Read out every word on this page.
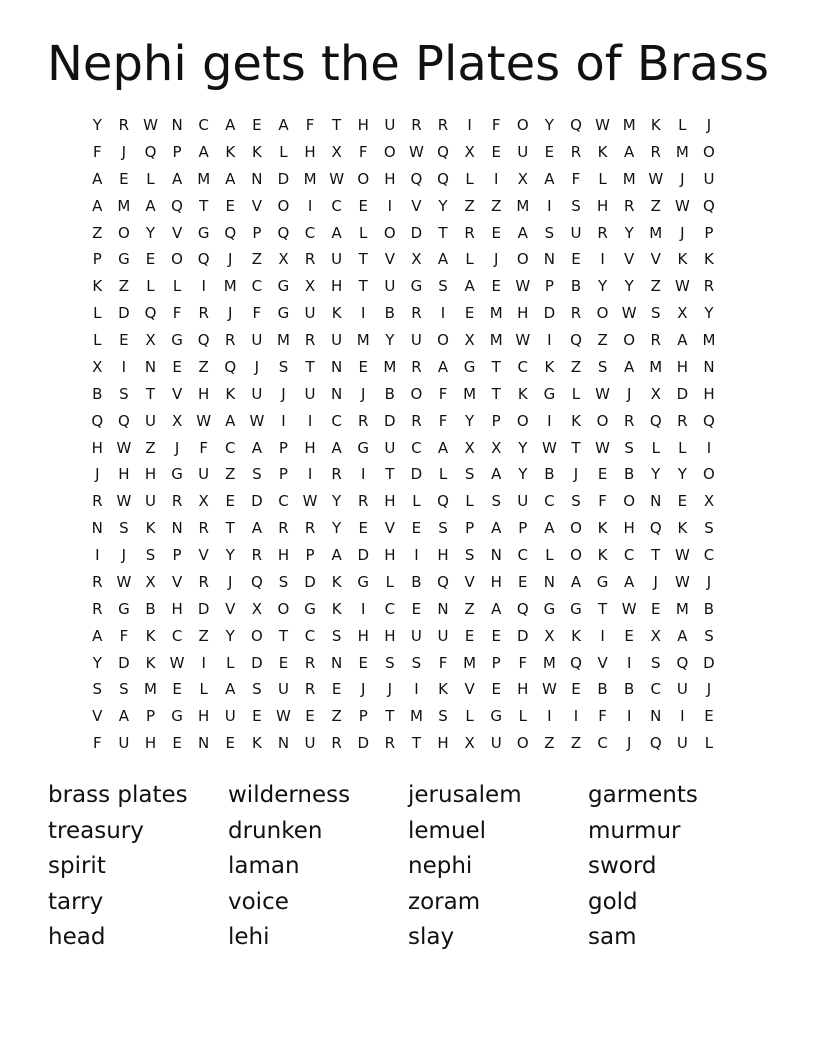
Nephi gets the Plates of Brass
Y	R W N	C	A	E	A	F	T	H	U	R	R	I	F	O	Y	Q W M	K	L	J
F	J	Q	P	A	K	K	L	H	X	F	O W Q	X	E	U	E	R	K	A	R M O
A	E	L	A M A	N	D M W O	H	Q Q	L	I	X	A	F	L	M W	J	U
A M A	Q	T	E	V	O	I	C	E	I	V	Y	Z	Z M	I	S	H	R	Z W Q
Z	O	Y	V	G Q	P	Q	C	A	L	O D	T	R	E	A	S	U	R	Y	M	J	P
P	G	E	O Q	J	Z	X	R	U	T	V	X	A	L	J	O	N	E	I	V	V	K	K
K	Z	L	L	I	M C	G	X	H	T	U	G	S	A	E W P	B	Y	Y	Z W R
L	D Q	F	R	J	F	G	U	K	I	B	R	I	E	M H	D	R	O W S	X	Y
L	E	X	G Q	R	U M R	U M	Y	U	O	X M W	I	Q	Z	O	R	A M
X	I	N	E	Z	Q	J	S	T	N	E	M R	A	G	T	C	K	Z	S	A M H	N
B	S	T	V	H	K	U	J	U	N	J	B	O	F	M	T	K	G	L	W	J	X	D	H
Q Q	U	X W A W	I	I	C	R	D	R	F	Y	P	O	I	K	O	R	Q	R	Q
H W Z	J	F	C	A	P	H	A	G	U	C	A	X	X	Y W T W S	L	L	I
J	H	H	G	U	Z	S	P	I	R	I	T	D	L	S	A	Y	B	J	E	B	Y	Y	O
R W U	R	X	E	D	C W Y	R	H	L	Q	L	S	U	C	S	F	O	N	E	X
N	S	K	N	R	T	A	R	R	Y	E	V	E	S	P	A	P	A	O	K	H	Q	K	S
I	J	S	P	V	Y	R	H	P	A	D	H	I	H	S	N	C	L	O	K	C	T W C
R W X	V	R	J	Q	S	D	K	G	L	B	Q	V	H	E	N	A	G	A	J	W	J
R	G	B	H	D	V	X	O G	K	I	C	E	N	Z	A	Q G G	T W E	M B
A	F	K	C	Z	Y	O	T	C	S	H	H	U	U	E	E	D	X	K	I	E	X	A	S
Y	D	K W	I	L	D	E	R	N	E	S	S	F	M	P	F	M Q	V	I	S	Q D
S	S	M	E	L	A	S	U	R	E	J	J	I	K	V	E	H W E	B	B	C	U	J
V	A	P	G	H	U	E W E	Z	P	T	M	S	L	G	L	I	I	F	I	N	I	E
F	U	H	E	N	E	K	N	U	R	D	R	T	H	X	U	O	Z	Z	C	J	Q	U	L
brass plates	wilderness	jerusalem	garments
treasury	drunken	lemuel	murmur
spirit	laman	nephi	sword
tarry	voice	zoram	gold
head	lehi	slay	sam
